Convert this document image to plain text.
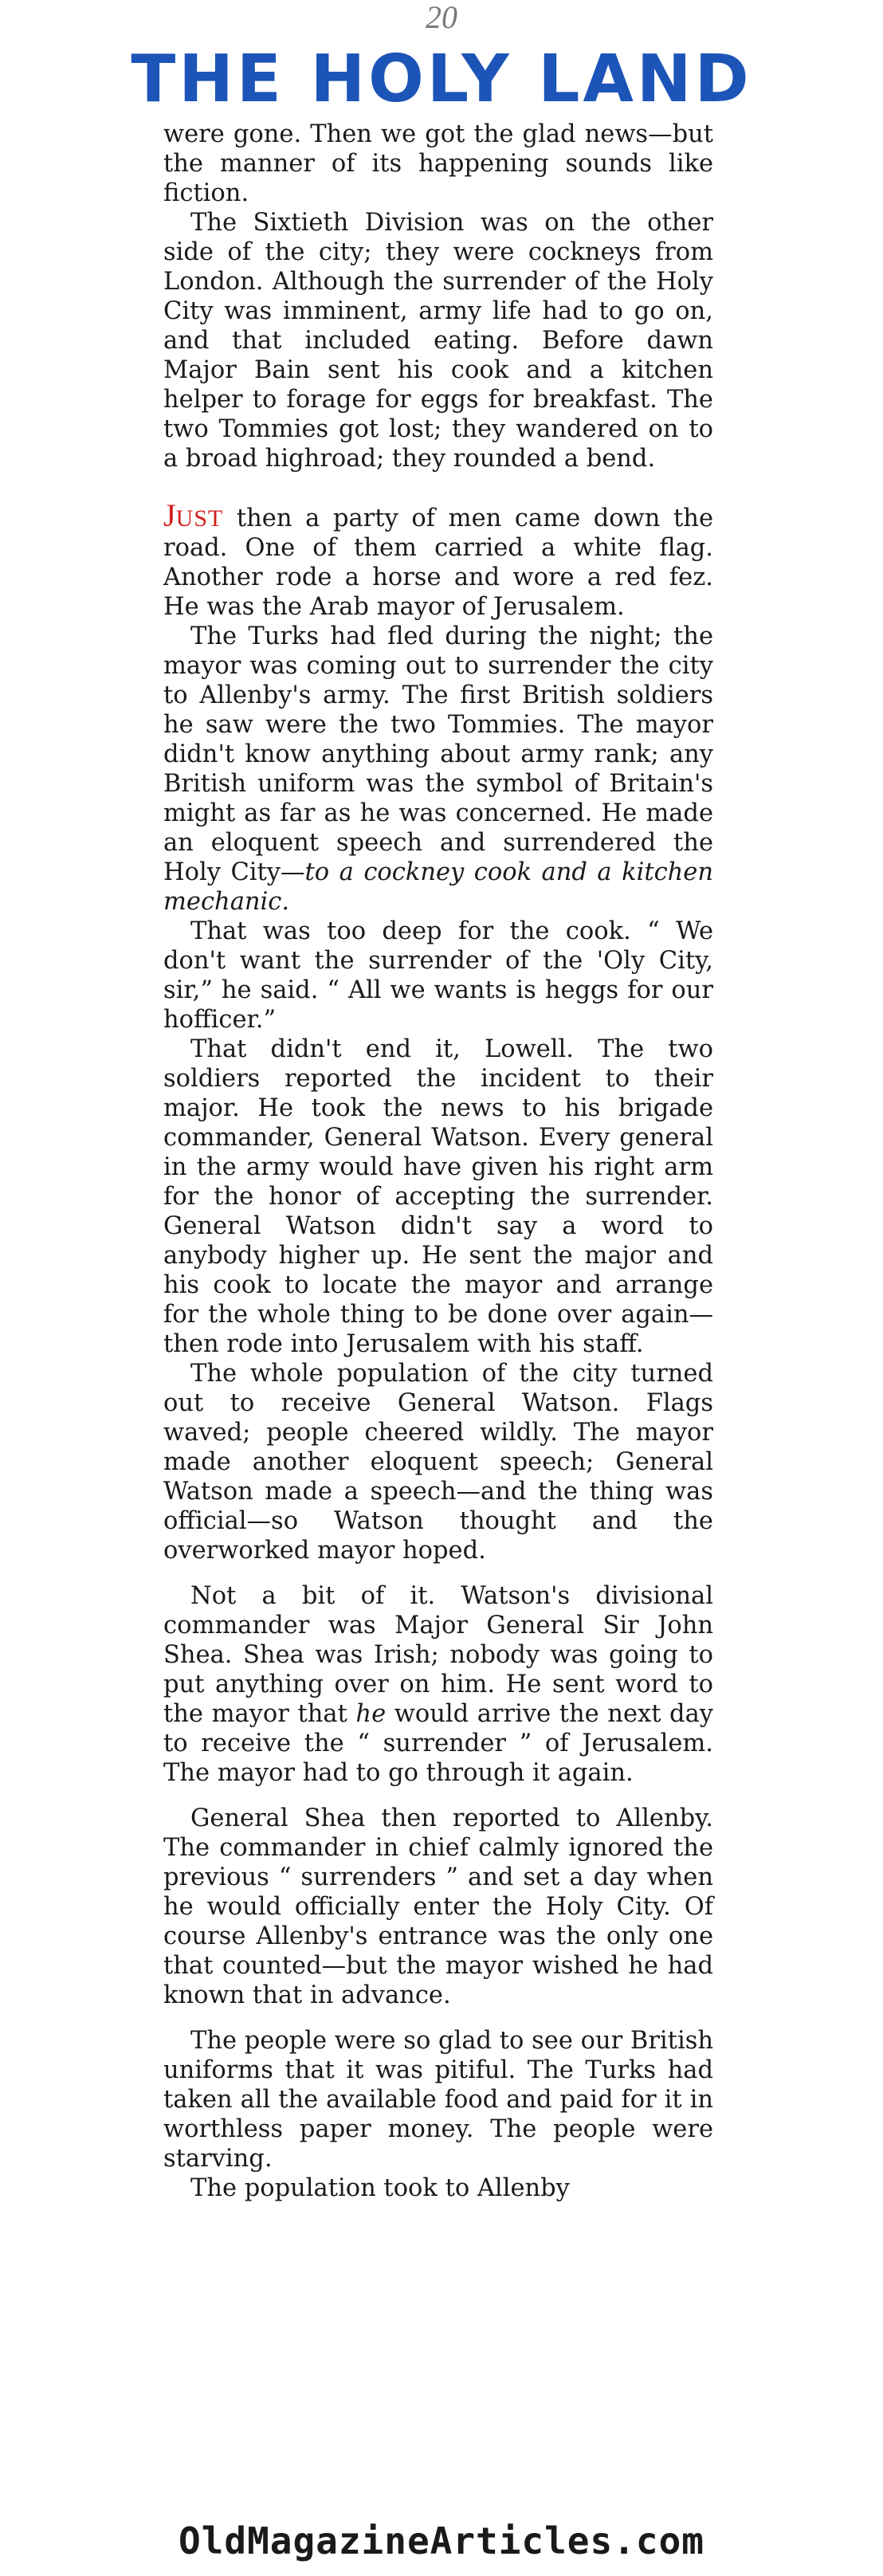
20
THE HOLY LAND

were gone. Then we got the glad news—but the manner of its happening sounds like fiction.

The Sixtieth Division was on the other side of the city; they were cockneys from London. Although the surrender of the Holy City was imminent, army life had to go on, and that included eating. Before dawn Major Bain sent his cook and a kitchen helper to forage for eggs for breakfast. The two Tommies got lost; they wandered on to a broad highroad; they rounded a bend.

JUST then a party of men came down the road. One of them carried a white flag. Another rode a horse and wore a red fez. He was the Arab mayor of Jerusalem.

The Turks had fled during the night; the mayor was coming out to surrender the city to Allenby's army. The first British soldiers he saw were the two Tommies. The mayor didn't know anything about army rank; any British uniform was the symbol of Britain's might as far as he was concerned. He made an eloquent speech and surrendered the Holy City—to a cockney cook and a kitchen mechanic.

That was too deep for the cook. “ We don't want the surrender of the 'Oly City, sir,” he said. “ All we wants is heggs for our hofficer.”

That didn't end it, Lowell. The two soldiers reported the incident to their major. He took the news to his brigade commander, General Watson. Every general in the army would have given his right arm for the honor of accepting the surrender. General Watson didn't say a word to anybody higher up. He sent the major and his cook to locate the mayor and arrange for the whole thing to be done over again—then rode into Jerusalem with his staff.

The whole population of the city turned out to receive General Watson. Flags waved; people cheered wildly. The mayor made another eloquent speech; General Watson made a speech—and the thing was official—so Watson thought and the overworked mayor hoped.

Not a bit of it. Watson's divisional commander was Major General Sir John Shea. Shea was Irish; nobody was going to put anything over on him. He sent word to the mayor that he would arrive the next day to receive the “ surrender ” of Jerusalem. The mayor had to go through it again.

General Shea then reported to Allenby. The commander in chief calmly ignored the previous “ surrenders ” and set a day when he would officially enter the Holy City. Of course Allenby's entrance was the only one that counted—but the mayor wished he had known that in advance.

The people were so glad to see our British uniforms that it was pitiful. The Turks had taken all the available food and paid for it in worthless paper money. The people were starving.

The population took to Allenby

OldMagazineArticles.com
